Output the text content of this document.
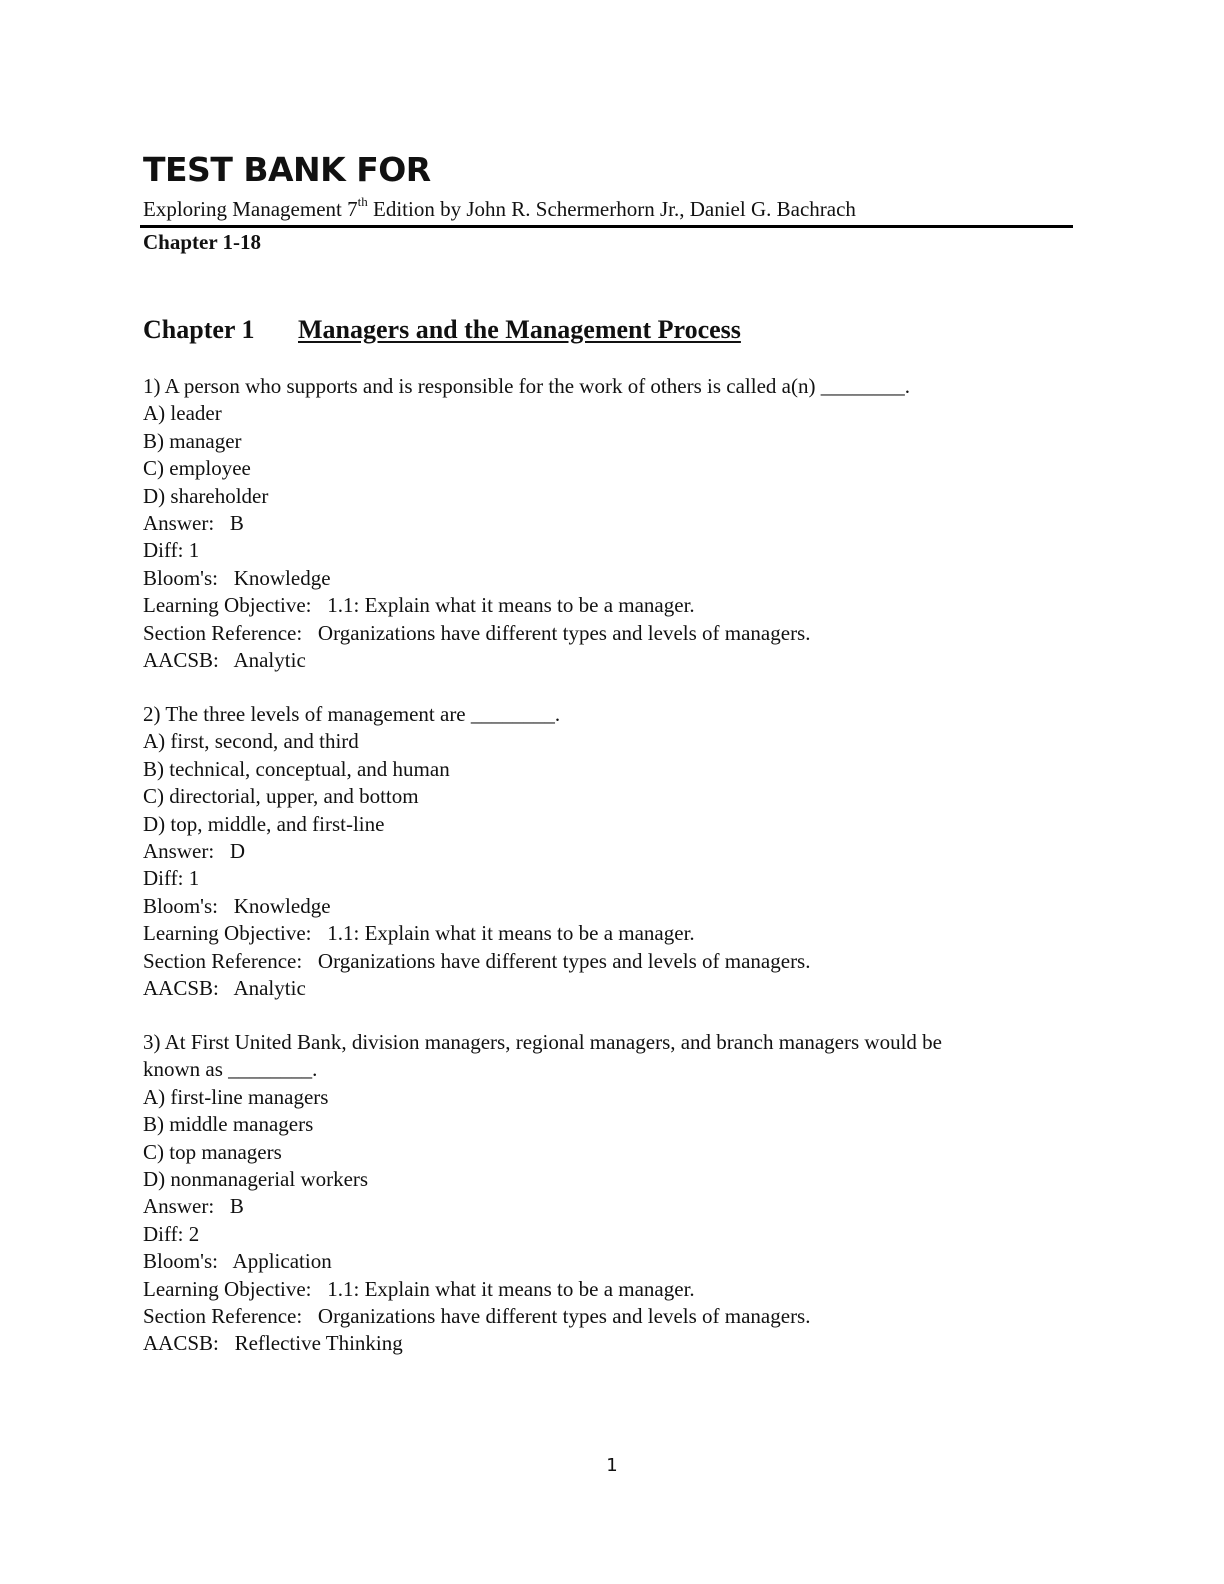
TEST BANK FOR
Exploring Management 7th Edition by John R. Schermerhorn Jr., Daniel G. Bachrach
Chapter 1-18
Chapter 1 Managers and the Management Process
1) A person who supports and is responsible for the work of others is called a(n) ________.
A) leader
B) manager
C) employee
D) shareholder
Answer:   B
Diff: 1
Bloom's:   Knowledge
Learning Objective:   1.1: Explain what it means to be a manager.
Section Reference:   Organizations have different types and levels of managers.
AACSB:   Analytic
2) The three levels of management are ________.
A) first, second, and third
B) technical, conceptual, and human
C) directorial, upper, and bottom
D) top, middle, and first-line
Answer:   D
Diff: 1
Bloom's:   Knowledge
Learning Objective:   1.1: Explain what it means to be a manager.
Section Reference:   Organizations have different types and levels of managers.
AACSB:   Analytic
3) At First United Bank, division managers, regional managers, and branch managers would be
known as ________.
A) first-line managers
B) middle managers
C) top managers
D) nonmanagerial workers
Answer:   B
Diff: 2
Bloom's:   Application
Learning Objective:   1.1: Explain what it means to be a manager.
Section Reference:   Organizations have different types and levels of managers.
AACSB:   Reflective Thinking
1
